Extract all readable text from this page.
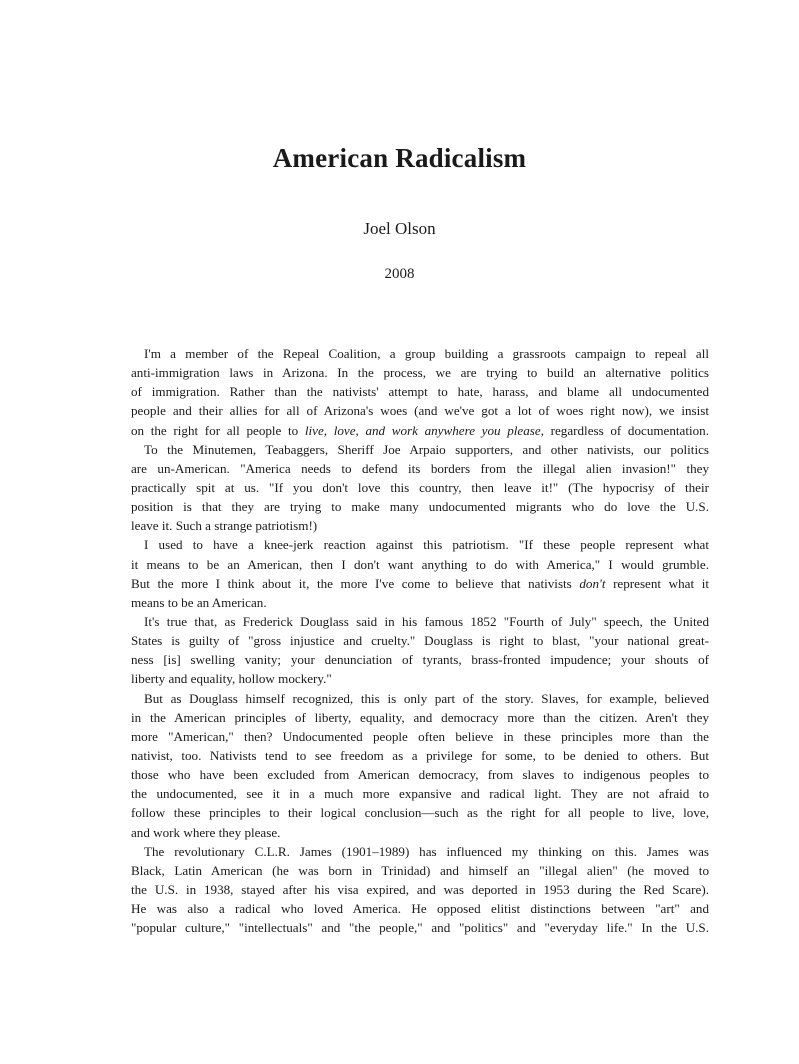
American Radicalism
Joel Olson
2008
I'm a member of the Repeal Coalition, a group building a grassroots campaign to repeal all
anti-immigration laws in Arizona. In the process, we are trying to build an alternative politics
of immigration. Rather than the nativists' attempt to hate, harass, and blame all undocumented
people and their allies for all of Arizona's woes (and we've got a lot of woes right now), we insist
on the right for all people to live, love, and work anywhere you please, regardless of documentation.
To the Minutemen, Teabaggers, Sheriff Joe Arpaio supporters, and other nativists, our politics
are un-American. "America needs to defend its borders from the illegal alien invasion!" they
practically spit at us. "If you don't love this country, then leave it!" (The hypocrisy of their
position is that they are trying to make many undocumented migrants who do love the U.S.
leave it. Such a strange patriotism!)
I used to have a knee-jerk reaction against this patriotism. "If these people represent what
it means to be an American, then I don't want anything to do with America," I would grumble.
But the more I think about it, the more I've come to believe that nativists don't represent what it
means to be an American.
It's true that, as Frederick Douglass said in his famous 1852 "Fourth of July" speech, the United
States is guilty of "gross injustice and cruelty." Douglass is right to blast, "your national great-
ness [is] swelling vanity; your denunciation of tyrants, brass-fronted impudence; your shouts of
liberty and equality, hollow mockery."
But as Douglass himself recognized, this is only part of the story. Slaves, for example, believed
in the American principles of liberty, equality, and democracy more than the citizen. Aren't they
more "American," then? Undocumented people often believe in these principles more than the
nativist, too. Nativists tend to see freedom as a privilege for some, to be denied to others. But
those who have been excluded from American democracy, from slaves to indigenous peoples to
the undocumented, see it in a much more expansive and radical light. They are not afraid to
follow these principles to their logical conclusion—such as the right for all people to live, love,
and work where they please.
The revolutionary C.L.R. James (1901–1989) has influenced my thinking on this. James was
Black, Latin American (he was born in Trinidad) and himself an "illegal alien" (he moved to
the U.S. in 1938, stayed after his visa expired, and was deported in 1953 during the Red Scare).
He was also a radical who loved America. He opposed elitist distinctions between "art" and
"popular culture," "intellectuals" and "the people," and "politics" and "everyday life." In the U.S.
